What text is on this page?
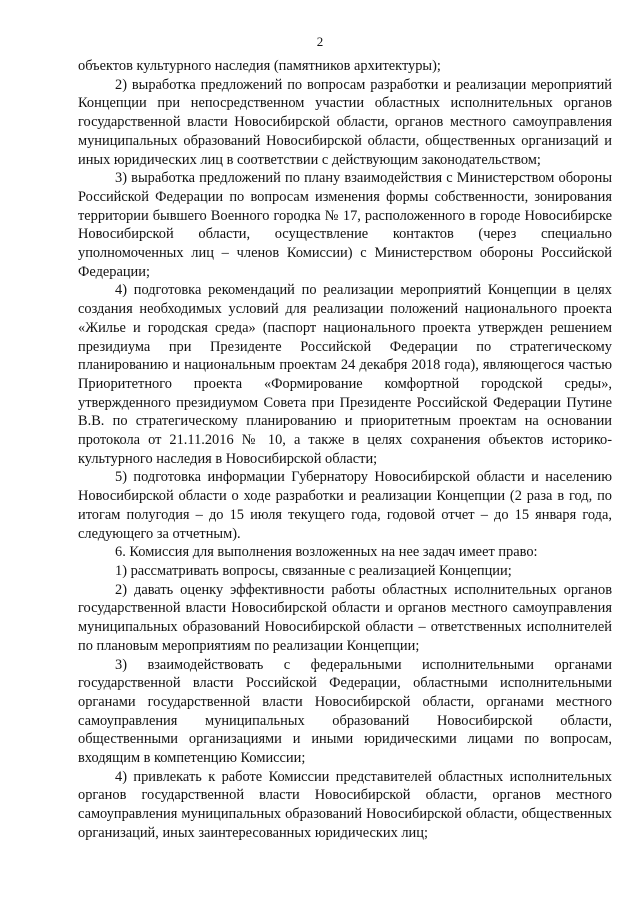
2

объектов культурного наследия (памятников архитектуры);

2) выработка предложений по вопросам разработки и реализации мероприятий Концепции при непосредственном участии областных исполнительных органов государственной власти Новосибирской области, органов местного самоуправления муниципальных образований Новосибирской области, общественных организаций и иных юридических лиц в соответствии с действующим законодательством;

3) выработка предложений по плану взаимодействия с Министерством обороны Российской Федерации по вопросам изменения формы собственности, зонирования территории бывшего Военного городка № 17, расположенного в городе Новосибирске Новосибирской области, осуществление контактов (через специально уполномоченных лиц – членов Комиссии) с Министерством обороны Российской Федерации;

4) подготовка рекомендаций по реализации мероприятий Концепции в целях создания необходимых условий для реализации положений национального проекта «Жилье и городская среда» (паспорт национального проекта утвержден решением президиума при Президенте Российской Федерации по стратегическому планированию и национальным проектам 24 декабря 2018 года), являющегося частью Приоритетного проекта «Формирование комфортной городской среды», утвержденного президиумом Совета при Президенте Российской Федерации Путине В.В. по стратегическому планированию и приоритетным проектам на основании протокола от 21.11.2016 № 10, а также в целях сохранения объектов историко-культурного наследия в Новосибирской области;

5) подготовка информации Губернатору Новосибирской области и населению Новосибирской области о ходе разработки и реализации Концепции (2 раза в год, по итогам полугодия – до 15 июля текущего года, годовой отчет – до 15 января года, следующего за отчетным).

6. Комиссия для выполнения возложенных на нее задач имеет право:

1) рассматривать вопросы, связанные с реализацией Концепции;

2) давать оценку эффективности работы областных исполнительных органов государственной власти Новосибирской области и органов местного самоуправления муниципальных образований Новосибирской области – ответственных исполнителей по плановым мероприятиям по реализации Концепции;

3) взаимодействовать с федеральными исполнительными органами государственной власти Российской Федерации, областными исполнительными органами государственной власти Новосибирской области, органами местного самоуправления муниципальных образований Новосибирской области, общественными организациями и иными юридическими лицами по вопросам, входящим в компетенцию Комиссии;

4) привлекать к работе Комиссии представителей областных исполнительных органов государственной власти Новосибирской области, органов местного самоуправления муниципальных образований Новосибирской области, общественных организаций, иных заинтересованных юридических лиц;
